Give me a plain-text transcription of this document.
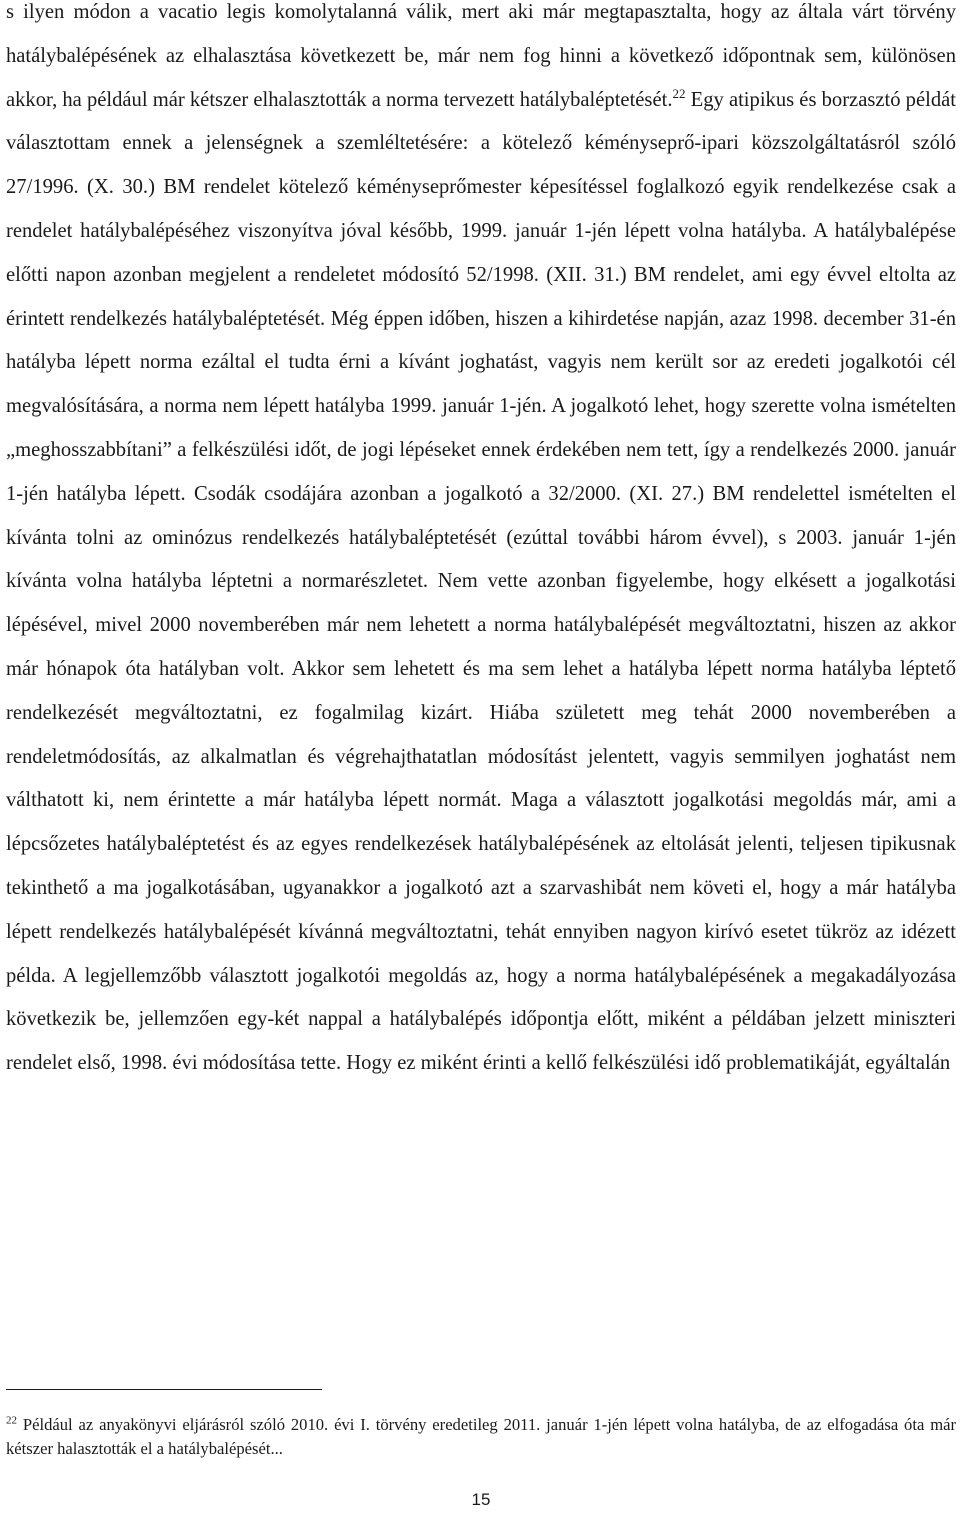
s ilyen módon a vacatio legis komolytalanná válik, mert aki már megtapasztalta, hogy az általa várt törvény hatálybalépésének az elhalasztása következett be, már nem fog hinni a következő időpontnak sem, különösen akkor, ha például már kétszer elhalasztották a norma tervezett hatálybaléptetését.$^{22}$ Egy atipikus és borzasztó példát választottam ennek a jelenségnek a szemléltetésére: a kötelező kéményseprő-ipari közszolgáltatásról szóló 27/1996. (X. 30.) BM rendelet kötelező kéményseprőmester képesítéssel foglalkozó egyik rendelkezése csak a rendelet hatálybalépéséhez viszonyítva jóval később, 1999. január 1-jén lépett volna hatályba. A hatálybalépése előtti napon azonban megjelent a rendeletet módosító 52/1998. (XII. 31.) BM rendelet, ami egy évvel eltolta az érintett rendelkezés hatálybaléptetését. Még éppen időben, hiszen a kihirdetése napján, azaz 1998. december 31-én hatályba lépett norma ezáltal el tudta érni a kívánt joghatást, vagyis nem került sor az eredeti jogalkotói cél megvalósítására, a norma nem lépett hatályba 1999. január 1-jén. A jogalkotó lehet, hogy szerette volna ismételten „meghosszabbítani” a felkészülési időt, de jogi lépéseket ennek érdekében nem tett, így a rendelkezés 2000. január 1-jén hatályba lépett. Csodák csodájára azonban a jogalkotó a 32/2000. (XI. 27.) BM rendelettel ismételten el kívánta tolni az ominózus rendelkezés hatálybaléptetését (ezúttal további három évvel), s 2003. január 1-jén kívánta volna hatályba léptetni a normarészletet. Nem vette azonban figyelembe, hogy elkésett a jogalkotási lépésével, mivel 2000 novemberében már nem lehetett a norma hatálybalépését megváltoztatni, hiszen az akkor már hónapok óta hatályban volt. Akkor sem lehetett és ma sem lehet a hatályba lépett norma hatályba léptető rendelkezését megváltoztatni, ez fogalmilag kizárt. Hiába született meg tehát 2000 novemberében a rendeletmódosítás, az alkalmatlan és végrehajthatatlan módosítást jelentett, vagyis semmilyen joghatást nem válthatott ki, nem érintette a már hatályba lépett normát. Maga a választott jogalkotási megoldás már, ami a lépcsőzetes hatálybaléptetést és az egyes rendelkezések hatálybalépésének az eltolását jelenti, teljesen tipikusnak tekinthető a ma jogalkotásában, ugyanakkor a jogalkotó azt a szarvashibát nem követi el, hogy a már hatályba lépett rendelkezés hatálybalépését kívánná megváltoztatni, tehát ennyiben nagyon kirívó esetet tükröz az idézett példa. A legjellemzőbb választott jogalkotói megoldás az, hogy a norma hatálybalépésének a megakadályozása következik be, jellemzően egy-két nappal a hatálybalépés időpontja előtt, miként a példában jelzett miniszteri rendelet első, 1998. évi módosítása tette. Hogy ez miként érinti a kellő felkészülési idő problematikáját, egyáltalán

$^{22}$ Például az anyakönyvi eljárásról szóló 2010. évi I. törvény eredetileg 2011. január 1-jén lépett volna hatályba, de az elfogadása óta már kétszer halasztották el a hatálybalépését...

15
